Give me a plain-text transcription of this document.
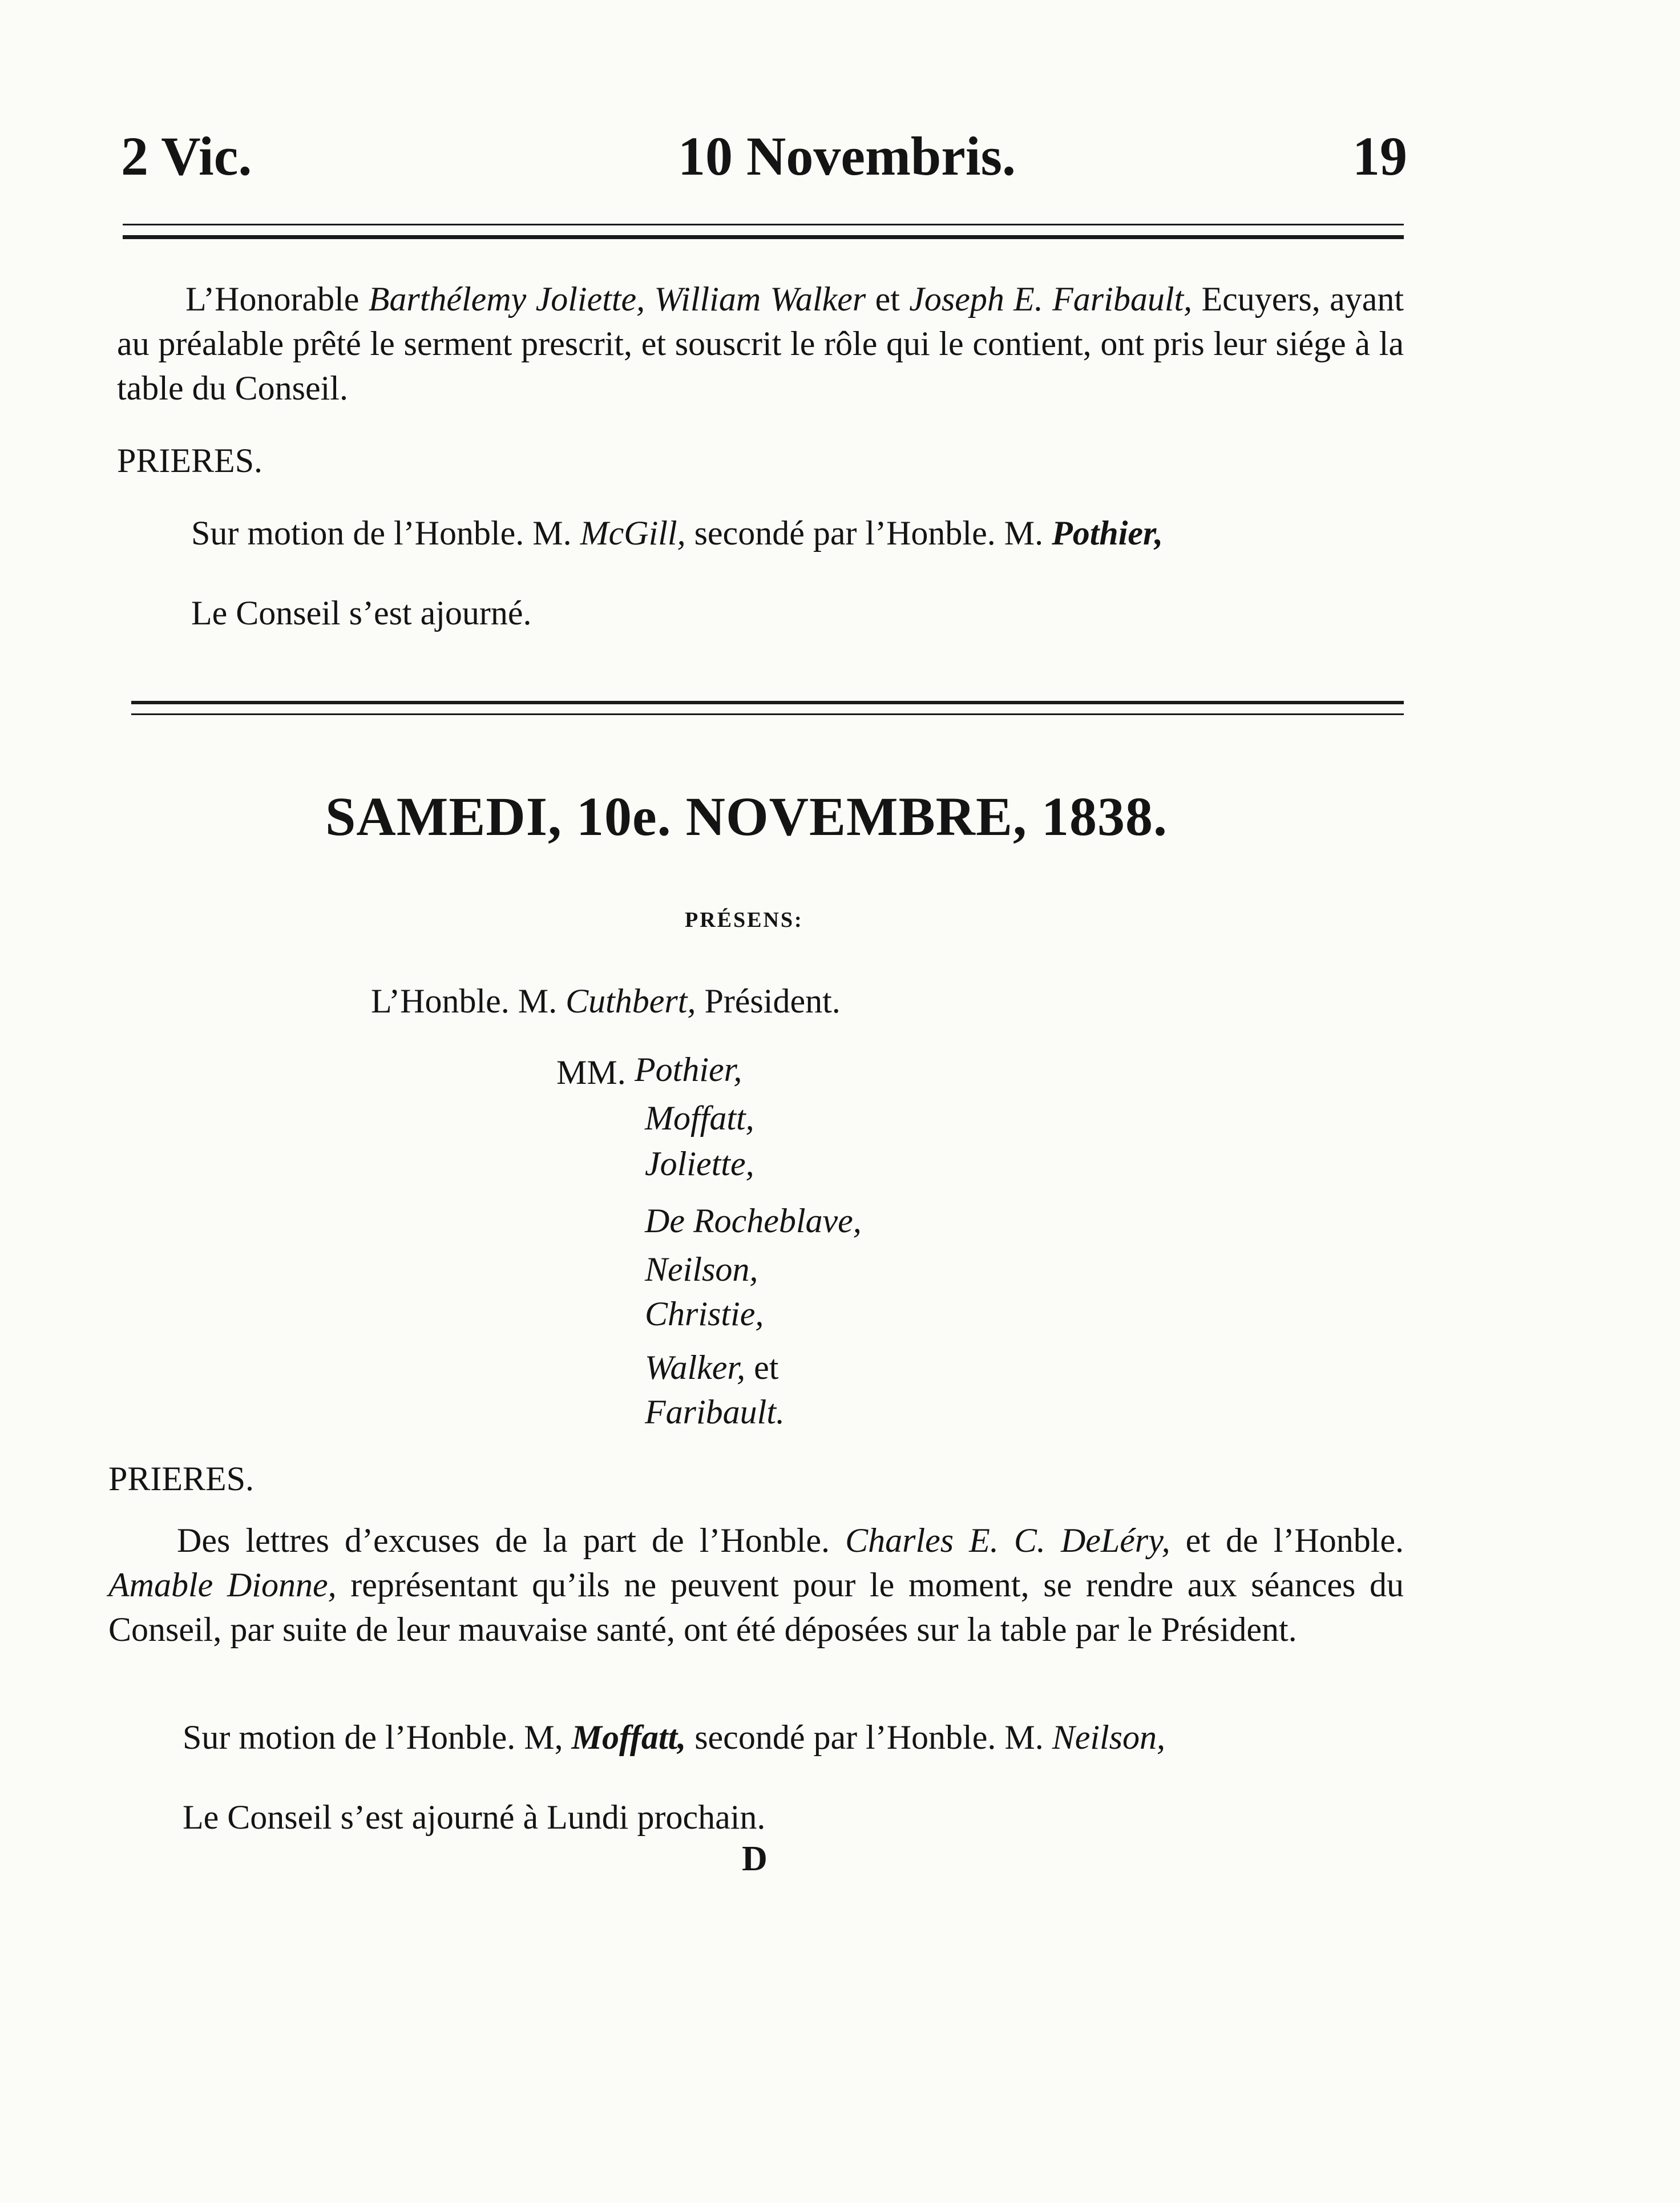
2 Vic.	10 Novembris.	19
L’Honorable Barthélemy Joliette, William Walker et Joseph E. Faribault, Ecuyers, ayant au préalable prêté le serment prescrit, et souscrit le rôle qui le contient, ont pris leur siége à la table du Conseil.
PRIERES.
Sur motion de l’Honble. M. McGill, secondé par l’Honble. M. Pothier,
Le Conseil s’est ajourné.
SAMEDI, 10e. NOVEMBRE, 1838.
PRÉSENS:
L’Honble. M. Cuthbert, Président.
MM. Pothier,
Moffatt,
Joliette,
De Rocheblave,
Neilson,
Christie,
Walker, et
Faribault.
PRIERES.
Des lettres d’excuses de la part de l’Honble. Charles E. C. DeLéry, et de l’Honble. Amable Dionne, représentant qu’ils ne peuvent pour le moment, se rendre aux séances du Conseil, par suite de leur mauvaise santé, ont été déposées sur la table par le Président.
Sur motion de l’Honble. M, Moffatt, secondé par l’Honble. M. Neilson,
Le Conseil s’est ajourné à Lundi prochain.
D
